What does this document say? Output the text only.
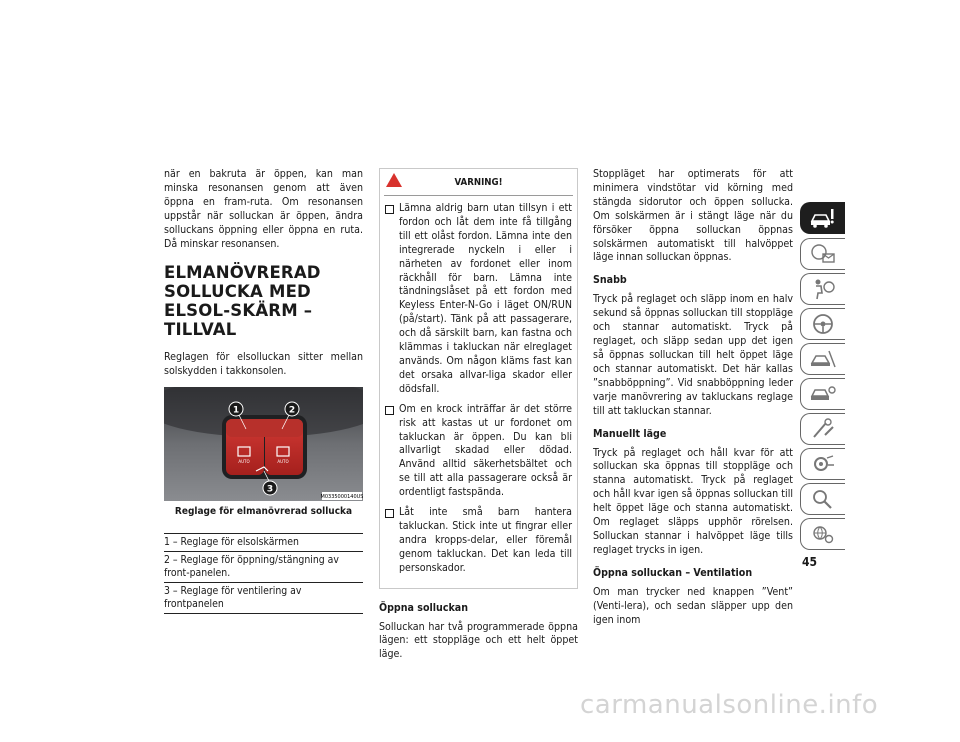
när en bakruta är öppen, kan man minska resonansen genom att även öppna en fram-ruta. Om resonansen uppstår när solluckan är öppen, ändra solluckans öppning eller öppna en ruta. Då minskar resonansen.

ELMANÖVRERAD SOLLUCKA MED ELSOL-SKÄRM – TILLVAL

Reglagen för elsolluckan sitter mellan solskydden i takkonsolen.

1	2
3
AUTO	AUTO
M0335000140US
Reglage för elmanövrerad sollucka
1 – Reglage för elsolskärmen
2 – Reglage för öppning/stängning av front-panelen.
3 – Reglage för ventilering av frontpanelen
VARNING!
Lämna aldrig barn utan tillsyn i ett fordon och låt dem inte få tillgång till ett olåst fordon. Lämna inte den integrerade nyckeln i eller i närheten av fordonet eller inom räckhåll för barn. Lämna inte tändningslåset på ett fordon med Keyless Enter-N-Go i läget ON/RUN (på/start). Tänk på att passagerare, och då särskilt barn, kan fastna och klämmas i takluckan när elreglaget används. Om någon kläms fast kan det orsaka allvar-liga skador eller dödsfall.
Om en krock inträffar är det större risk att kastas ut ur fordonet om takluckan är öppen. Du kan bli allvarligt skadad eller dödad. Använd alltid säkerhetsbältet och se till att alla passagerare också är ordentligt fastspända.
Låt inte små barn hantera takluckan. Stick inte ut fingrar eller andra kropps-delar, eller föremål genom takluckan. Det kan leda till personskador.
Öppna solluckan

Solluckan har två programmerade öppna lägen: ett stoppläge och ett helt öppet läge.

Stoppläget har optimerats för att minimera vindstötar vid körning med stängda sidorutor och öppen sollucka. Om solskärmen är i stängt läge när du försöker öppna solluckan öppnas solskärmen automatiskt till halvöppet läge innan solluckan öppnas.

Snabb

Tryck på reglaget och släpp inom en halv sekund så öppnas solluckan till stoppläge och stannar automatiskt. Tryck på reglaget, och släpp sedan upp det igen så öppnas solluckan till helt öppet läge och stannar automatiskt. Det här kallas ”snabböppning”. Vid snabböppning leder varje manövrering av takluckans reglage till att takluckan stannar.

Manuellt läge

Tryck på reglaget och håll kvar för att solluckan ska öppnas till stoppläge och stanna automatiskt. Tryck på reglaget och håll kvar igen så öppnas solluckan till helt öppet läge och stanna automatiskt. Om reglaget släpps upphör rörelsen. Solluckan stannar i halvöppet läge tills reglaget trycks in igen.

Öppna solluckan – Ventilation

Om man trycker ned knappen ”Vent” (Venti-lera), och sedan släpper upp den igen inom

45
carmanualsonline.info
